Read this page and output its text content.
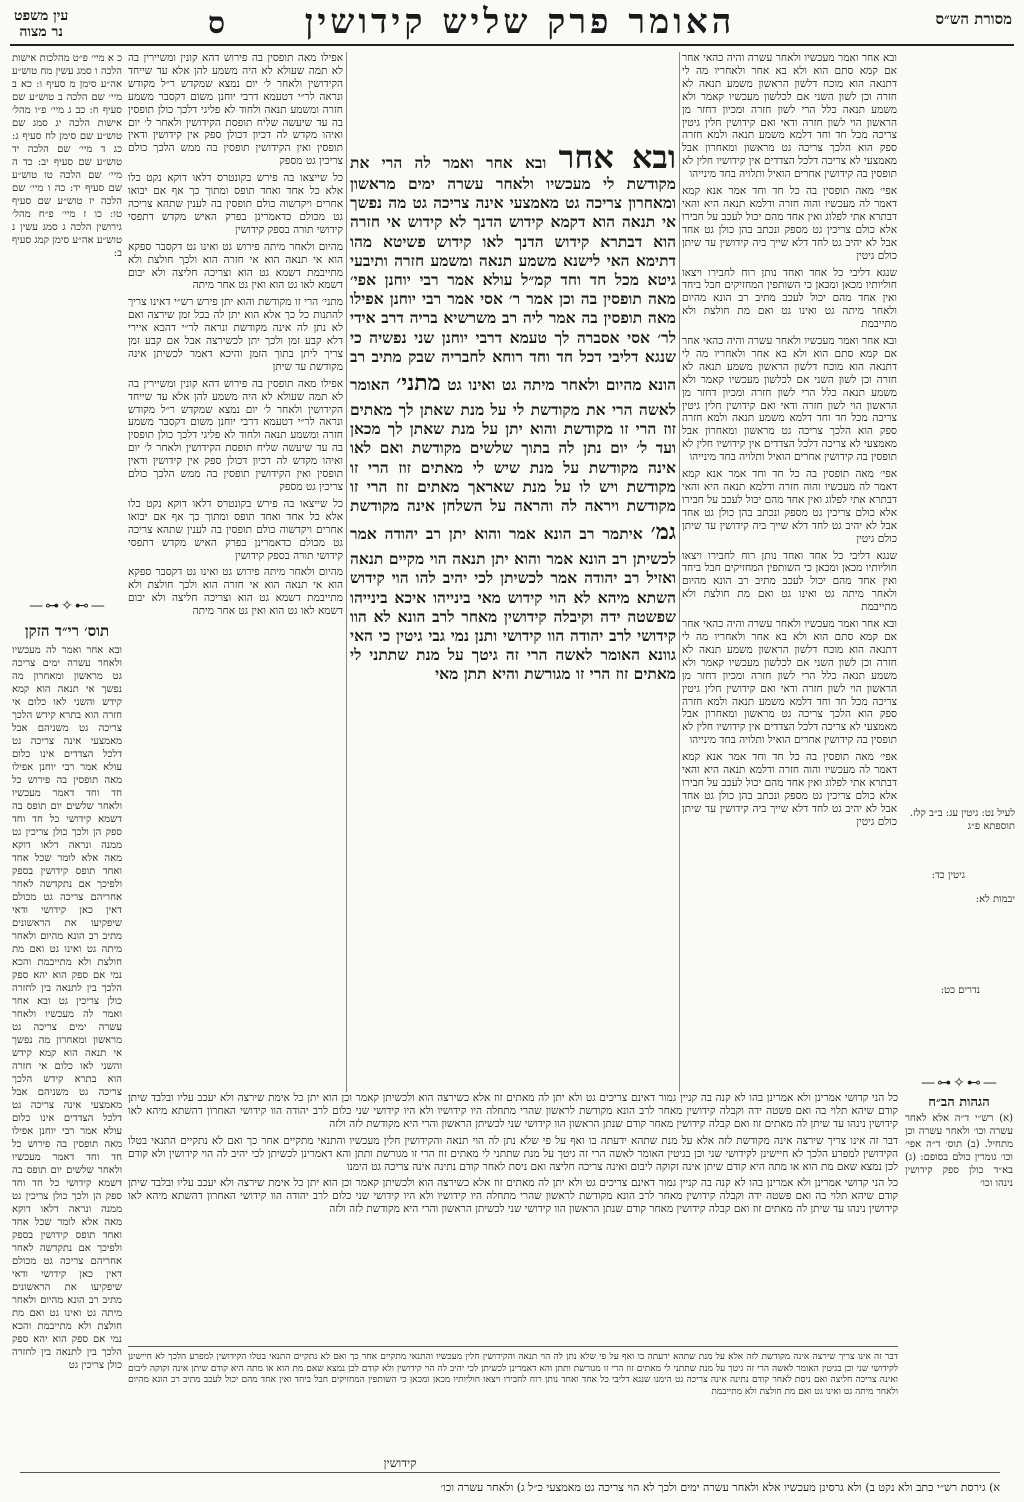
מסורת הש״ס
האומר פרק שליש קידושין
ס
עין משפט
נר מצוה
לעיל נט: גיטין עג: ב״ב קלז. תוספתא פ״ג
יבמות לא:

ובא אחר ואמר מעכשיו ולאחר עשרה והיה כהאי אחר אם קמא סתם הוא ולא בא אחר ולאחריו מה לי דתנאה הוא מוכח דלשון הראשון משמע תנאה לא חזרה וכן לשון השני אם לכלשון מעכשיו קאמר ולא משמע תנאה כלל הרי לשון חזרה ומכיון דחזר מן הראשון הוי לשון חזרה ודאי ואם קידושין חלין גיטין צריכה מכל חד וחד דלמא משמע תנאה ולמא חזרה ספק הוא הלכך צריכה גט מראשון ומאחרון אבל מאמצעי לא צריכה דלכל הצדדים אין קידושיו חלין לא תופסין בה קידושין אחרים הואיל ותלויה בחד מינייהו

אפי׳ מאה תופסין בה כל חד וחד אמר אנא קמא דאמר לה מעכשיו והוה חזרה ודלמא תנאה היא והאי דבתרא אתי לפלוג ואין אחד מהם יכול לעכב על חבירו אלא כולם צריכין גט מספק ונכתב בהן כולן גט אחד אבל לא יהיב גט לחד דלא שייך ביה קידושין עד שיתן כולם גיטין

שנגא דליבי כל אחד ואחד נותן רוח לחבירו ויצאו חוליותיו מכאן ומכאן כי השותפין המחזיקים חבל ביחד ואין אחד מהם יכול לעכב מתיב רב הונא מהיום ולאחר מיתה גט ואינו גט ואם מת חולצת ולא מתייבמת

ובא אחר ואמר מעכשיו ולאחר עשרה והיה כהאי אחר אם קמא סתם הוא ולא בא אחר ולאחריו מה לי דתנאה הוא מוכח דלשון הראשון משמע תנאה לא חזרה וכן לשון השני אם לכלשון מעכשיו קאמר ולא משמע תנאה כלל הרי לשון חזרה ומכיון דחזר מן הראשון הוי לשון חזרה ודאי ואם קידושין חלין גיטין צריכה מכל חד וחד דלמא משמע תנאה ולמא חזרה ספק הוא הלכך צריכה גט מראשון ומאחרון אבל מאמצעי לא צריכה דלכל הצדדים אין קידושיו חלין לא תופסין בה קידושין אחרים הואיל ותלויה בחד מינייהו

אפי׳ מאה תופסין בה כל חד וחד אמר אנא קמא דאמר לה מעכשיו והוה חזרה ודלמא תנאה היא והאי דבתרא אתי לפלוג ואין אחד מהם יכול לעכב על חבירו אלא כולם צריכין גט מספק ונכתב בהן כולן גט אחד אבל לא יהיב גט לחד דלא שייך ביה קידושין עד שיתן כולם גיטין

שנגא דליבי כל אחד ואחד נותן רוח לחבירו ויצאו חוליותיו מכאן ומכאן כי השותפין המחזיקים חבל ביחד ואין אחד מהם יכול לעכב מתיב רב הונא מהיום ולאחר מיתה גט ואינו גט ואם מת חולצת ולא מתייבמת

ובא אחר ואמר מעכשיו ולאחר עשרה והיה כהאי אחר אם קמא סתם הוא ולא בא אחר ולאחריו מה לי דתנאה הוא מוכח דלשון הראשון משמע תנאה לא חזרה וכן לשון השני אם לכלשון מעכשיו קאמר ולא משמע תנאה כלל הרי לשון חזרה ומכיון דחזר מן הראשון הוי לשון חזרה ודאי ואם קידושין חלין גיטין צריכה מכל חד וחד דלמא משמע תנאה ולמא חזרה ספק הוא הלכך צריכה גט מראשון ומאחרון אבל מאמצעי לא צריכה דלכל הצדדים אין קידושיו חלין לא תופסין בה קידושין אחרים הואיל ותלויה בחד מינייהו

אפי׳ מאה תופסין בה כל חד וחד אמר אנא קמא דאמר לה מעכשיו והוה חזרה ודלמא תנאה היא והאי דבתרא אתי לפלוג ואין אחד מהם יכול לעכב על חבירו אלא כולם צריכין גט מספק ונכתב בהן כולן גט אחד אבל לא יהיב גט לחד דלא שייך ביה קידושין עד שיתן כולם גיטין

אפילו מאה תופסין בה פירוש דהא קונין ומשיירין בה לא תמה שעולא לא היה משמע להן אלא עד שייחד הקידושין ולאחר ל׳ יום נמצא שמקדש ר״ל מקודש ונראה לר״י דטעמא דרבי יוחנן משום דקסבר משמע חזרה ומשמע תנאה ולחוד לא פליגי דלכך כולן תופסין בה עד שיעשה שליח תופסת הקידושין ולאחר ל׳ יום ואיהו מקדש לה דכיון דכולן ספק אין קידושין ודאין תופסין ואין הקידושין תופסין בה ממש הלכך כולם צריכין גט מספק

כל שייצאו בה פירש בקונטרס דלאו דוקא נקט כלו אלא כל אחד ואחד תופס ומתוך כך אף אם יבואו אחרים ויקדשוה כולם תופסין בה לענין שתהא צריכה גט מכולם כדאמרינן בפרק האיש מקדש דתפסי קידושי תורה בספק קידושין

מהיום ולאחר מיתה פירוש גט ואינו גט דקסבר ספקא הוא אי תנאה הוא אי חזרה הוא ולכך חולצת ולא מתייבמת דשמא גט הוא וצריכה חליצה ולא יבום דשמא לאו גט הוא ואין גט אחר מיתה

מתני׳ הרי זו מקודשת והוא יתן פירש רש״י דאינו צריך להתנות כל כך אלא הוא יתן לה בכל זמן שירצה ואם לא נתן לה אינה מקודשת ונראה לר״י דהכא איירי דלא קבע זמן ולכך יתן לכשירצה אבל אם קבע זמן צריך ליתן בתוך הזמן והיכא דאמר לכשיתן אינה מקודשת עד שיתן

אפילו מאה תופסין בה פירוש דהא קונין ומשיירין בה לא תמה שעולא לא היה משמע להן אלא עד שייחד הקידושין ולאחר ל׳ יום נמצא שמקדש ר״ל מקודש ונראה לר״י דטעמא דרבי יוחנן משום דקסבר משמע חזרה ומשמע תנאה ולחוד לא פליגי דלכך כולן תופסין בה עד שיעשה שליח תופסת הקידושין ולאחר ל׳ יום ואיהו מקדש לה דכיון דכולן ספק אין קידושין ודאין תופסין ואין הקידושין תופסין בה ממש הלכך כולם צריכין גט מספק

כל שייצאו בה פירש בקונטרס דלאו דוקא נקט כלו אלא כל אחד ואחד תופס ומתוך כך אף אם יבואו אחרים ויקדשוה כולם תופסין בה לענין שתהא צריכה גט מכולם כדאמרינן בפרק האיש מקדש דתפסי קידושי תורה בספק קידושין

מהיום ולאחר מיתה פירוש גט ואינו גט דקסבר ספקא הוא אי תנאה הוא אי חזרה הוא ולכך חולצת ולא מתייבמת דשמא גט הוא וצריכה חליצה ולא יבום דשמא לאו גט הוא ואין גט אחר מיתה

ובא אחר ובא אחר ואמר לה הרי את מקודשת לי מעכשיו ולאחר עשרה ימים מראשון ומאחרון צריכה גט מאמצעי אינה צריכה גט מה נפשך אי תנאה הוא דקמא קידוש הדנך לא קידוש אי חזרה הוא דבתרא קידוש הדנך לאו קידוש פשיטא מהו דתימא האי לישנא משמע תנאה ומשמע חזרה ותיבעי גיטא מכל חד וחד קמ״ל עולא אמר רבי יוחנן אפי׳ מאה תופסין בה וכן אמר ר׳ אסי אמר רבי יוחנן אפילו מאה תופסין בה אמר ליה רב משרשיא בריה דרב אידי לר׳ אסי אסברה לך טעמא דרבי יוחנן שני נפשיה כי שנגא דליבי דכל חד וחד רוחא לחבריה שבק מתיב רב הונא מהיום ולאחר מיתה גט ואינו גט מתני׳ האומר לאשה הרי את מקודשת לי על מנת שאתן לך מאתים זוז הרי זו מקודשת והוא יתן על מנת שאתן לך מכאן ועד ל׳ יום נתן לה בתוך שלשים מקודשת ואם לאו אינה מקודשת על מנת שיש לי מאתים זוז הרי זו מקודשת ויש לו על מנת שאראך מאתים זוז הרי זו מקודשת ויראה לה והראה על השלחן אינה מקודשת גמ׳ איתמר רב הונא אמר והוא יתן רב יהודה אמר לכשיתן רב הונא אמר והוא יתן תנאה הוי מקיים תנאה ואזיל רב יהודה אמר לכשיתן לכי יהיב להו הוי קידוש השתא מיהא לא הוי קידוש מאי בינייהו איכא בינייהו שפשטה ידה וקיבלה קידושין מאחר לרב הונא לא הוו קידושי לרב יהודה הוו קידושי ותנן נמי גבי גיטין כי האי גוונא האומר לאשה הרי זה גיטך על מנת שתתני לי מאתים זוז הרי זו מגורשת והיא תתן מאי
כ א מיי׳ פ״ט מהלכות אישות הלכה ו סמג עשין מח טוש״ע אה״ע סימן מ סעיף ו: כא ב מיי׳ שם הלכה ב טוש״ע שם סעיף ח: כב ג מיי׳ פ״ו מהל׳ אישות הלכה יג סמג שם טוש״ע שם סימן לח סעיף ג: כג ד מיי׳ שם הלכה יד טוש״ע שם סעיף יב: כד ה מיי׳ שם הלכה טו טוש״ע שם סעיף יד: כה ו מיי׳ שם הלכה יז טוש״ע שם סעיף טו: כו ז מיי׳ פ״ח מהל׳ גירושין הלכה ג סמג עשין נ טוש״ע אה״ע סימן קמג סעיף ב:
—⊶✧⊷—
תוס׳ רי״ד הזקן
ובא אחר ואמר לה מעכשיו ולאחר עשרה ימים צריכה גט מראשון ומאחרון מה נפשך אי תנאה הוא קמא קידש והשני לאו כלום אי חזרה הוא בתרא קידש הלכך צריכה גט משניהם אבל מאמצעי אינה צריכה גט דלכל הצדדים אינו כלום עולא אמר רבי יוחנן אפילו מאה תופסין בה פירוש כל חד וחד דאמר מעכשיו ולאחר שלשים יום תופס בה דשמא קידושי כל חד וחד ספק הן ולכך כולן צריכין גט ממנה ונראה דלאו דוקא מאה אלא לומר שכל אחד ואחד תופס קידושין בספק ולפיכך אם נתקדשה לאחר אחריהם צריכה גט מכולם דאין כאן קידושי ודאי שיפקיעו את הראשונים מתיב רב הונא מהיום ולאחר מיתה גט ואינו גט ואם מת חולצת ולא מתייבמת והכא נמי אם ספק הוא יהא ספק הלכך בין לתנאה בין לחזרה כולן צריכין גט ובא אחר ואמר לה מעכשיו ולאחר עשרה ימים צריכה גט מראשון ומאחרון מה נפשך אי תנאה הוא קמא קידש והשני לאו כלום אי חזרה הוא בתרא קידש הלכך צריכה גט משניהם אבל מאמצעי אינה צריכה גט דלכל הצדדים אינו כלום עולא אמר רבי יוחנן אפילו מאה תופסין בה פירוש כל חד וחד דאמר מעכשיו ולאחר שלשים יום תופס בה דשמא קידושי כל חד וחד ספק הן ולכך כולן צריכין גט ממנה ונראה דלאו דוקא מאה אלא לומר שכל אחד ואחד תופס קידושין בספק ולפיכך אם נתקדשה לאחר אחריהם צריכה גט מכולם דאין כאן קידושי ודאי שיפקיעו את הראשונים מתיב רב הונא מהיום ולאחר מיתה גט ואינו גט ואם מת חולצת ולא מתייבמת והכא נמי אם ספק הוא יהא ספק הלכך בין לתנאה בין לחזרה כולן צריכין גט
גיטין כד:
נדרים כט:
—⊶✧⊷—
הגהות הב״ח
(א) רש״י ד״ה אלא לאחר עשרה וכו׳ ולאחר עשרה וכן מתחיל. (ב) תוס׳ ד״ה אפי׳ וכו׳ גומרין כולם בסופם: (ג) בא״ד כולן ספק קידושין נינהו וכו׳

כל הני קדושי אמרינן ולא אמרינן בהו לא קנה בה קניין גמור דאינם צריכים גט ולא יתן לה מאתים זוז אלא כשירצה הוא ולכשיתן קאמר וכן הוא יתן כל אימת שירצה ולא יעכב עליו ובלבד שיתן קודם שיהא תלוי בה ואם פשטה ידה וקבלה קידושין מאחר לרב הונא מקודשת לראשון שהרי מתחלה היו קידושיו ולא היו קידושי שני כלום לרב יהודה הוו קידושי האחרון דהשתא מיהא לאו קידושין נינהו עד שיתן לה מאתים זוז ואם קבלה קידושין מאחר קודם שנתן הראשון הוו קידושי שני לכשיתן הראשון והרי היא מקודשת לזה ולזה

דבר זה אינו צריך שירצה אינה מקודשת לזה אלא על מנת שתהא ידעתה בו ואף על פי שלא נתן לה הוי תנאה והקידושין חלין מעכשיו והתנאי מתקיים אחר כך ואם לא נתקיים התנאי בטלו הקידושין למפרע הלכך לא חיישינן לקידושי שני וכן בגיטין האומר לאשה הרי זה גיטך על מנת שתתני לי מאתים זוז הרי זו מגורשת ותתן והא דאמרינן לכשיתן לכי יהיב לה הוי קידושין ולא קודם לכן נמצא שאם מת הוא או מתה היא קודם שיתן אינה זקוקה ליבום ואינה צריכה חליצה ואם ניסת לאחר קודם נתינה אינה צריכה גט הימנו

כל הני קדושי אמרינן ולא אמרינן בהו לא קנה בה קניין גמור דאינם צריכים גט ולא יתן לה מאתים זוז אלא כשירצה הוא ולכשיתן קאמר וכן הוא יתן כל אימת שירצה ולא יעכב עליו ובלבד שיתן קודם שיהא תלוי בה ואם פשטה ידה וקבלה קידושין מאחר לרב הונא מקודשת לראשון שהרי מתחלה היו קידושיו ולא היו קידושי שני כלום לרב יהודה הוו קידושי האחרון דהשתא מיהא לאו קידושין נינהו עד שיתן לה מאתים זוז ואם קבלה קידושין מאחר קודם שנתן הראשון הוו קידושי שני לכשיתן הראשון והרי היא מקודשת לזה ולזה

דבר זה אינו צריך שירצה אינה מקודשת לזה אלא על מנת שתהא ידעתה בו ואף על פי שלא נתן לה הוי תנאה והקידושין חלין מעכשיו והתנאי מתקיים אחר כך ואם לא נתקיים התנאי בטלו הקידושין למפרע הלכך לא חיישינן לקידושי שני וכן בגיטין האומר לאשה הרי זה גיטך על מנת שתתני לי מאתים זוז הרי זו מגורשת ותתן והא דאמרינן לכשיתן לכי יהיב לה הוי קידושין ולא קודם לכן נמצא שאם מת הוא או מתה היא קודם שיתן אינה זקוקה ליבום ואינה צריכה חליצה ואם ניסת לאחר קודם נתינה אינה צריכה גט הימנו שנגא דליבי כל אחד ואחד נותן רוח לחבירו ויצאו חוליותיו מכאן ומכאן כי השותפין המחזיקים חבל ביחד ואין אחד מהם יכול לעכב מתיב רב הונא מהיום ולאחר מיתה גט ואינו גט ואם מת חולצת ולא מתייבמת
קידושין
א) גירסת רש״י כתב ולא נקט ב) ולא גרסינן מעכשיו אלא ולאחר עשרה ימים ולכך לא הוי צריכה גט מאמצעי כ״ל ג) ולאחר עשרה וכו׳
